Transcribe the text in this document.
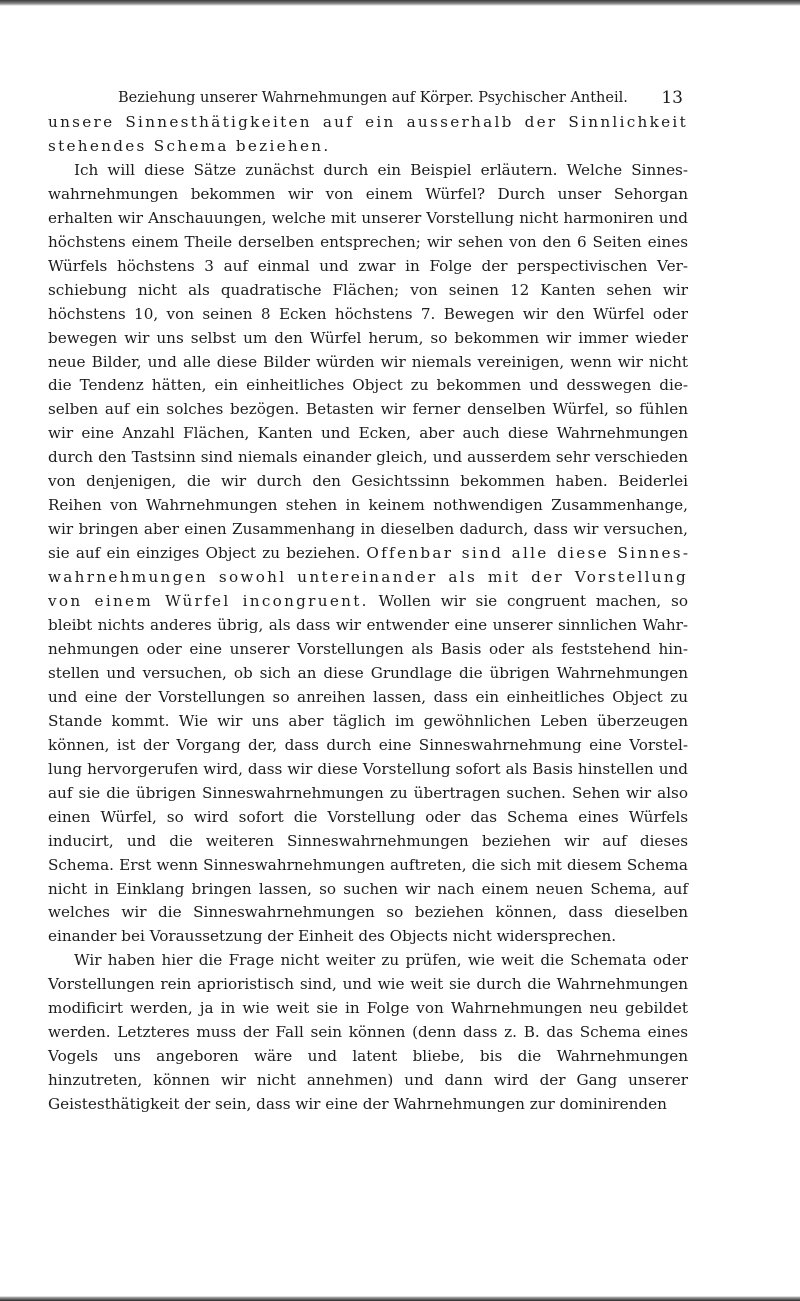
Beziehung unserer Wahrnehmungen auf Körper. Psychischer Antheil. 13

unsere Sinnesthätigkeiten auf ein ausserhalb der Sinnlichkeit stehendes Schema beziehen.

Ich will diese Sätze zunächst durch ein Beispiel erläutern. Welche Sinneswahrnehmungen bekommen wir von einem Würfel? Durch unser Sehorgan erhalten wir Anschauungen, welche mit unserer Vorstellung nicht harmoniren und höchstens einem Theile derselben entsprechen; wir sehen von den 6 Seiten eines Würfels höchstens 3 auf einmal und zwar in Folge der perspectivischen Verschiebung nicht als quadratische Flächen; von seinen 12 Kanten sehen wir höchstens 10, von seinen 8 Ecken höchstens 7. Bewegen wir den Würfel oder bewegen wir uns selbst um den Würfel herum, so bekommen wir immer wieder neue Bilder, und alle diese Bilder würden wir niemals vereinigen, wenn wir nicht die Tendenz hätten, ein einheitliches Object zu bekommen und desswegen dieselben auf ein solches bezögen. Betasten wir ferner denselben Würfel, so fühlen wir eine Anzahl Flächen, Kanten und Ecken, aber auch diese Wahrnehmungen durch den Tastsinn sind niemals einander gleich, und ausserdem sehr verschieden von denjenigen, die wir durch den Gesichtssinn bekommen haben. Beiderlei Reihen von Wahrnehmungen stehen in keinem nothwendigen Zusammenhange, wir bringen aber einen Zusammenhang in dieselben dadurch, dass wir versuchen, sie auf ein einziges Object zu beziehen. Offenbar sind alle diese Sinneswahrnehmungen sowohl untereinander als mit der Vorstellung von einem Würfel incongruent. Wollen wir sie congruent machen, so bleibt nichts anderes übrig, als dass wir entwender eine unserer sinnlichen Wahrnehmungen oder eine unserer Vorstellungen als Basis oder als feststehend hinstellen und versuchen, ob sich an diese Grundlage die übrigen Wahrnehmungen und eine der Vorstellungen so anreihen lassen, dass ein einheitliches Object zu Stande kommt. Wie wir uns aber täglich im gewöhnlichen Leben überzeugen können, ist der Vorgang der, dass durch eine Sinneswahrnehmung eine Vorstellung hervorgerufen wird, dass wir diese Vorstellung sofort als Basis hinstellen und auf sie die übrigen Sinneswahrnehmungen zu übertragen suchen. Sehen wir also einen Würfel, so wird sofort die Vorstellung oder das Schema eines Würfels inducirt, und die weiteren Sinneswahrnehmungen beziehen wir auf dieses Schema. Erst wenn Sinneswahrnehmungen auftreten, die sich mit diesem Schema nicht in Einklang bringen lassen, so suchen wir nach einem neuen Schema, auf welches wir die Sinneswahrnehmungen so beziehen können, dass dieselben einander bei Voraussetzung der Einheit des Objects nicht widersprechen.

Wir haben hier die Frage nicht weiter zu prüfen, wie weit die Schemata oder Vorstellungen rein aprioristisch sind, und wie weit sie durch die Wahrnehmungen modificirt werden, ja in wie weit sie in Folge von Wahrnehmungen neu gebildet werden. Letzteres muss der Fall sein können (denn dass z. B. das Schema eines Vogels uns angeboren wäre und latent bliebe, bis die Wahrnehmungen hinzutreten, können wir nicht annehmen) und dann wird der Gang unserer Geistesthätigkeit der sein, dass wir eine der Wahrnehmungen zur dominirenden
